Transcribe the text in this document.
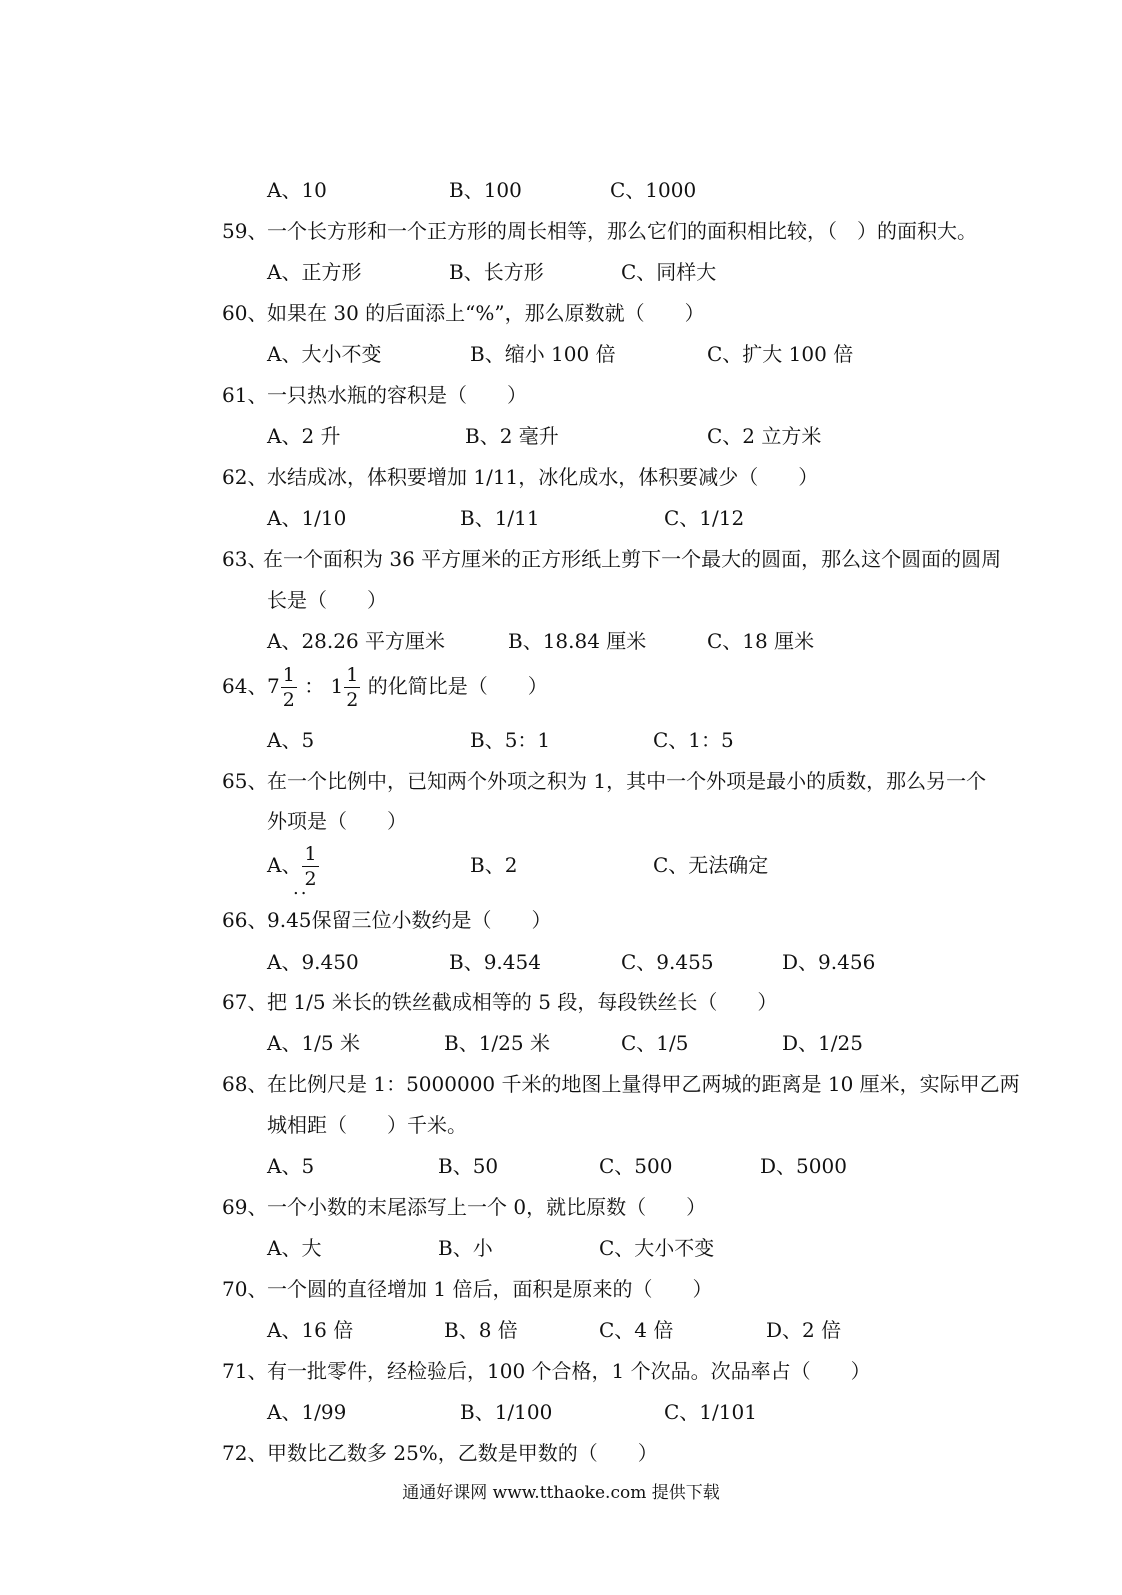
A、10	B、100	C、1000
59、 一个长方形和一个正方形的周长相等，那么它们的面积相比较，（　）的面积大。
A、正方形	B、长方形	C、同样大
60、 如果在 30 的后面添上“%”，那么原数就（　　）
A、大小不变	B、缩小 100 倍	C、扩大 100 倍
61、 一只热水瓶的容积是（　　）
A、2 升	B、2 毫升	C、2 立方米
62、 水结成冰，体积要增加 1/11，冰化成水，体积要减少（　　）
A、1/10	B、1/11	C、1/12
63、
在一个面积为 36 平方厘米的正方形纸上剪下一个最大的圆面，那么这个圆面的圆周
长是（　　）
A、28.26 平方厘米	B、18.84 厘米	C、18 厘米
64、 $7 \frac{1}{2}$ ： $1 \frac{1}{2}$ 的化简比是（　　）
A、5	B、5：1	C、1：5
65、 在一个比例中，已知两个外项之积为 1，其中一个外项是最小的质数，那么另一个
外项是（　　）
A、 $\frac{1}{2}$	B、2	C、无法确定
..
66、 9.45保留三位小数约是（　　）
A、9.450	B、9.454	C、9.455	D、9.456
67、 把 1/5 米长的铁丝截成相等的 5 段，每段铁丝长（　　）
A、1/5 米	B、1/25 米	C、1/5	D、1/25
68、 在比例尺是 1：5000000 千米的地图上量得甲乙两城的距离是 10 厘米，实际甲乙两
城相距（　　）千米。
A、5	B、50	C、500	D、5000
69、 一个小数的末尾添写上一个 0，就比原数（　　）
A、大	B、小	C、大小不变
70、 一个圆的直径增加 1 倍后，面积是原来的（　　）
A、16 倍	B、8 倍	C、4 倍	D、2 倍
71、 有一批零件，经检验后，100 个合格，1 个次品。次品率占（　　）
A、1/99	B、1/100	C、1/101
72、 甲数比乙数多 25%，乙数是甲数的（　　）
通通好课网 www.tthaoke.com 提供下载
